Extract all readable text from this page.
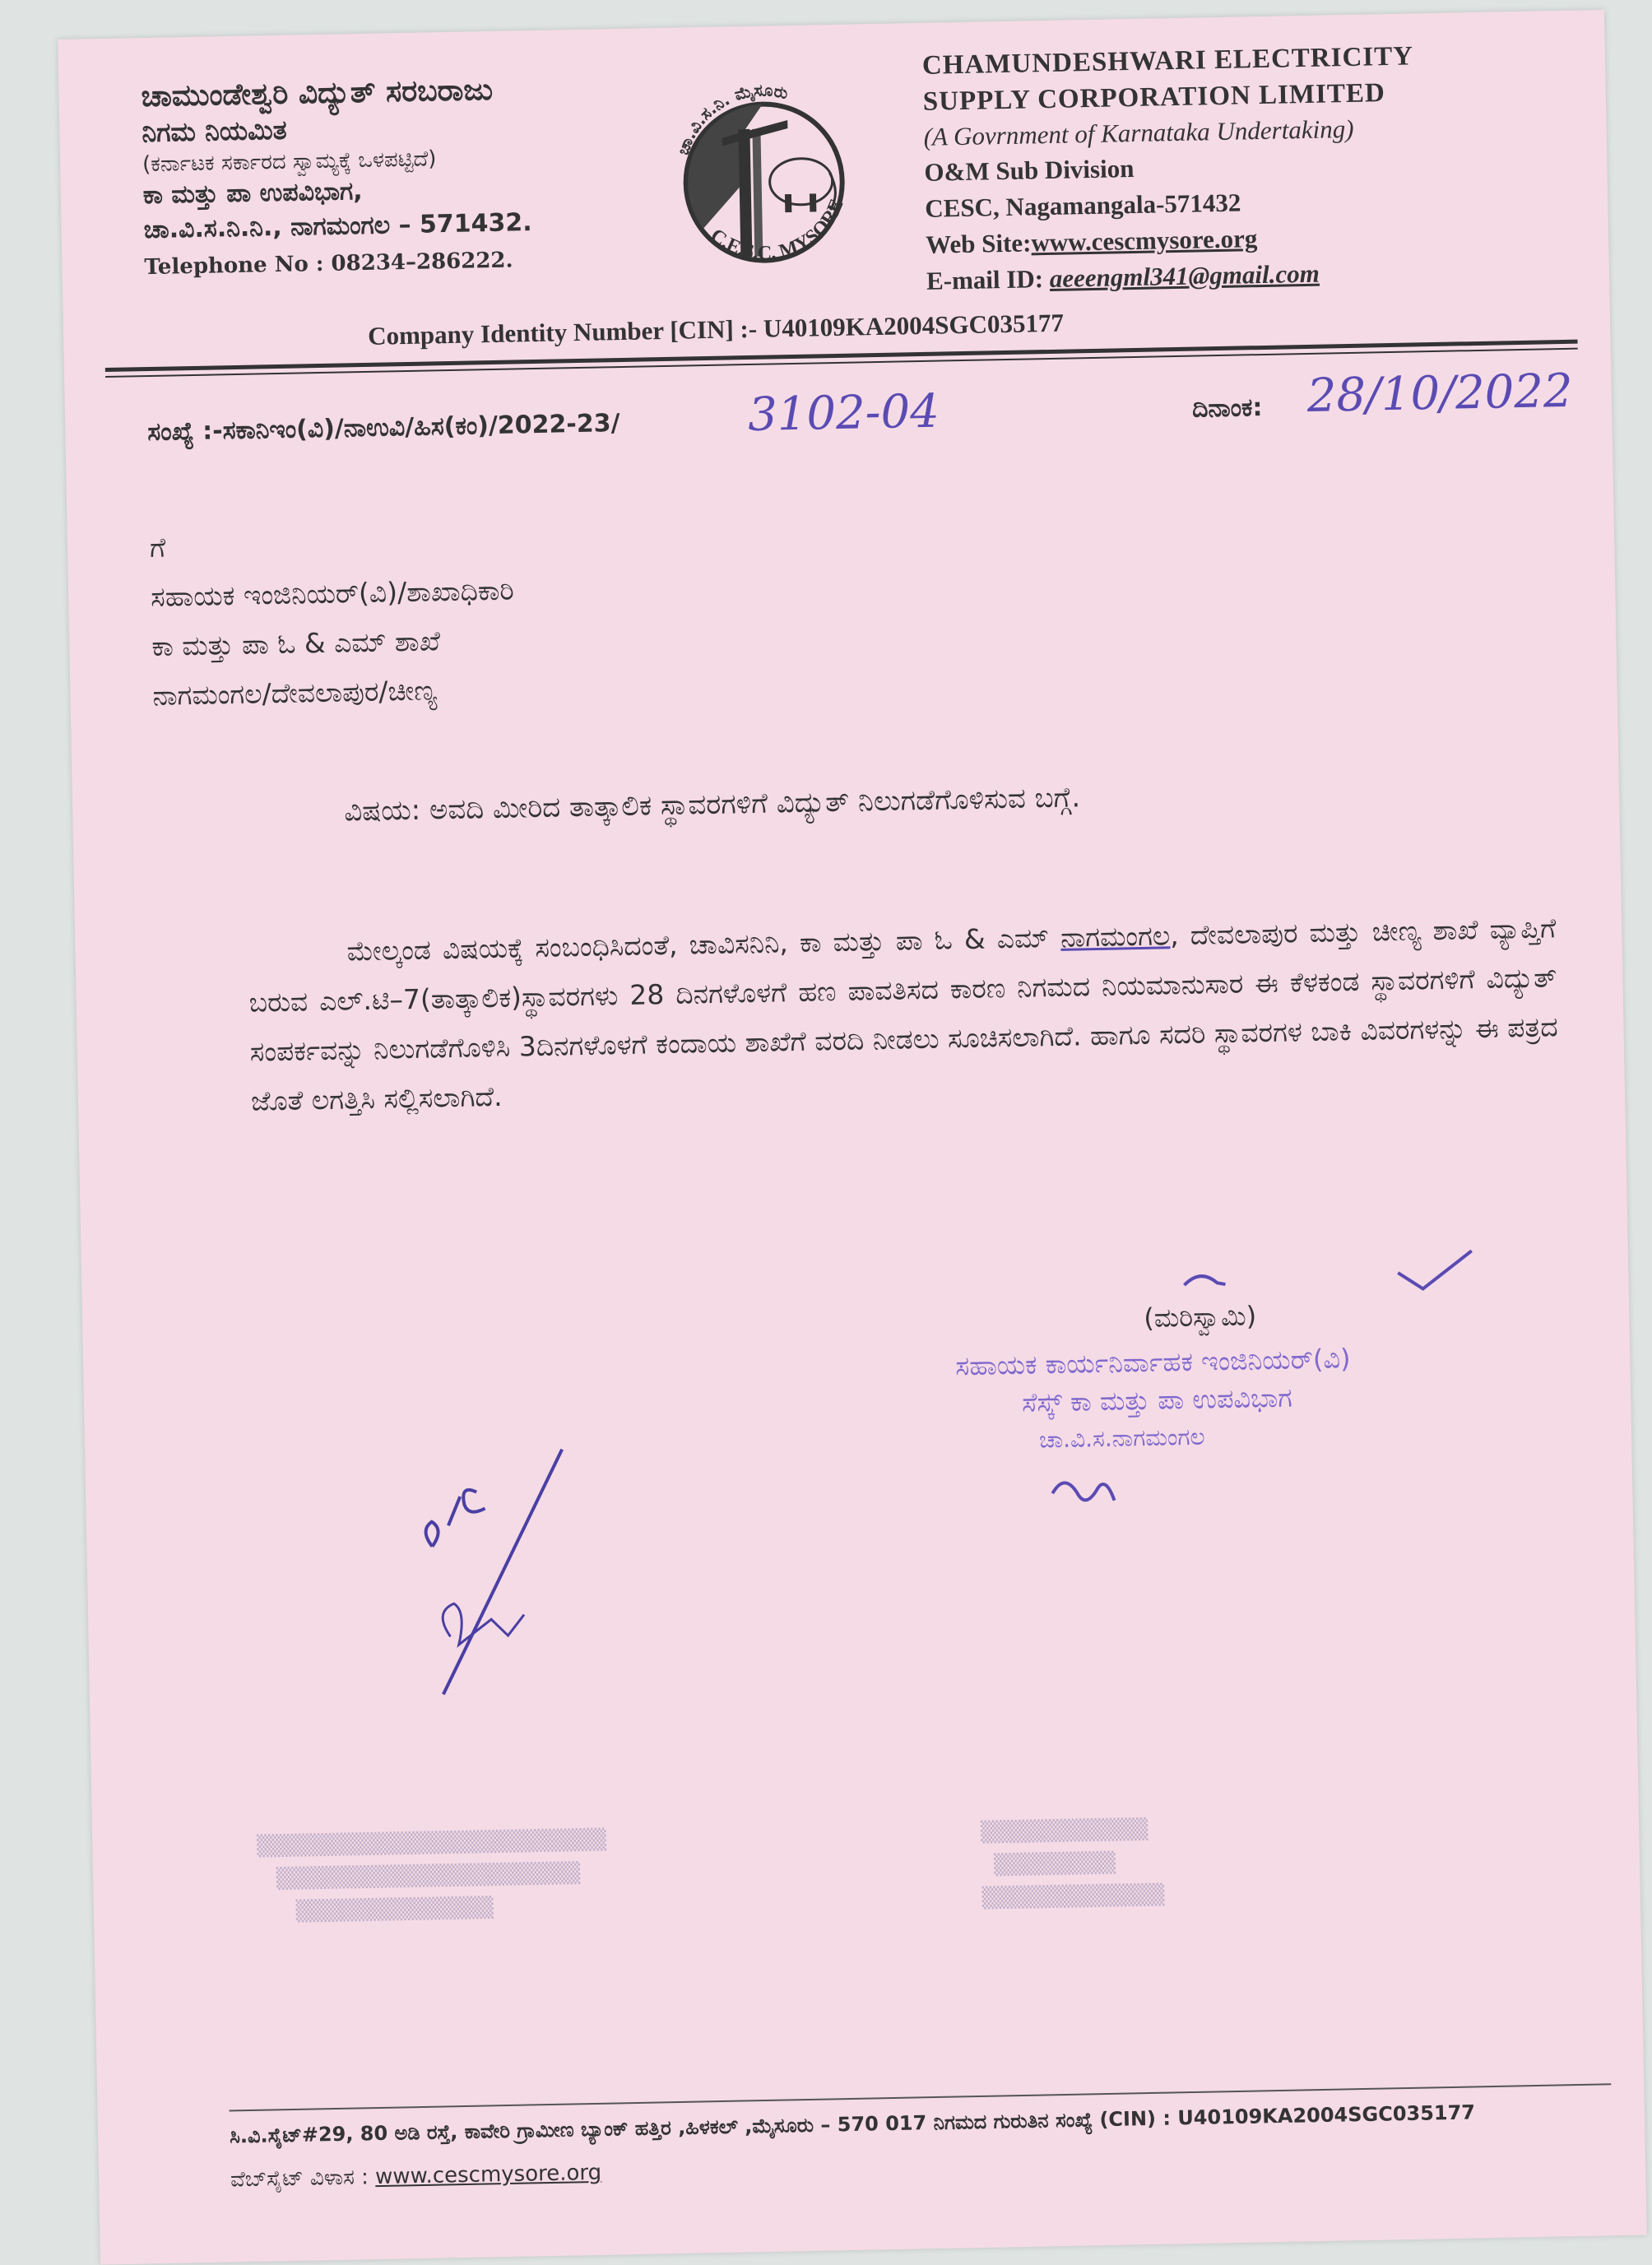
ಚಾಮುಂಡೇಶ್ವರಿ ವಿದ್ಯುತ್ ಸರಬರಾಜು
ನಿಗಮ ನಿಯಮಿತ
(ಕರ್ನಾಟಕ ಸರ್ಕಾರದ ಸ್ವಾಮ್ಯಕ್ಕೆ ಒಳಪಟ್ಟಿದೆ)
ಕಾ ಮತ್ತು ಪಾ ಉಪವಿಭಾಗ,
ಚಾ.ವಿ.ಸ.ನಿ.ನಿ., ನಾಗಮಂಗಲ – 571432.
Telephone No : 08234–286222.
ಚಾ.ವಿ.ಸ.ನಿ. ಮೈಸೂರು
C.E.S.C, MYSORE
CHAMUNDESHWARI ELECTRICITY
SUPPLY CORPORATION LIMITED
(A Govrnment of Karnataka Undertaking)
O&M Sub Division
CESC, Nagamangala-571432
Web Site:www.cescmysore.org
E-mail ID: aeeengml341@gmail.com
Company Identity Number [CIN] :- U40109KA2004SGC035177
ಸಂಖ್ಯೆ :-ಸಕಾನಿಇಂ(ವಿ)/ನಾಉವಿ/ಹಿಸ(ಕಂ)/2022-23/	3102-04	ದಿನಾಂಕ: 28/10/2022
ಗೆ
ಸಹಾಯಕ ಇಂಜಿನಿಯರ್(ವಿ)/ಶಾಖಾಧಿಕಾರಿ
ಕಾ ಮತ್ತು ಪಾ ಓ & ಎಮ್ ಶಾಖೆ
ನಾಗಮಂಗಲ/ದೇವಲಾಪುರ/ಚೀಣ್ಯ
ವಿಷಯ: ಅವದಿ ಮೀರಿದ ತಾತ್ಕಾಲಿಕ ಸ್ಥಾವರಗಳಿಗೆ ವಿದ್ಯುತ್ ನಿಲುಗಡೆಗೊಳಿಸುವ ಬಗ್ಗೆ.
ಮೇಲ್ಕಂಡ ವಿಷಯಕ್ಕೆ ಸಂಬಂಧಿಸಿದಂತೆ, ಚಾವಿಸನಿನಿ, ಕಾ ಮತ್ತು ಪಾ ಓ & ಎಮ್ ನಾಗಮಂಗಲ, ದೇವಲಾಪುರ ಮತ್ತು ಚೀಣ್ಯ ಶಾಖೆ ವ್ಯಾಪ್ತಿಗೆ ಬರುವ ಎಲ್.ಟಿ–7(ತಾತ್ಕಾಲಿಕ)ಸ್ಥಾವರಗಳು 28 ದಿನಗಳೊಳಗೆ ಹಣ ಪಾವತಿಸದ ಕಾರಣ ನಿಗಮದ ನಿಯಮಾನುಸಾರ ಈ ಕೆಳಕಂಡ ಸ್ಥಾವರಗಳಿಗೆ ವಿದ್ಯುತ್ ಸಂಪರ್ಕವನ್ನು ನಿಲುಗಡೆಗೊಳಿಸಿ 3ದಿನಗಳೊಳಗೆ ಕಂದಾಯ ಶಾಖೆಗೆ ವರದಿ ನೀಡಲು ಸೂಚಿಸಲಾಗಿದೆ. ಹಾಗೂ ಸದರಿ ಸ್ಥಾವರಗಳ ಬಾಕಿ ವಿವರಗಳನ್ನು ಈ ಪತ್ರದ ಜೊತೆ ಲಗತ್ತಿಸಿ ಸಲ್ಲಿಸಲಾಗಿದೆ.
(ಮರಿಸ್ವಾಮಿ)
ಸಹಾಯಕ ಕಾರ್ಯನಿರ್ವಾಹಕ ಇಂಜಿನಿಯರ್(ವಿ)
ಸೆಸ್ಕ್ ಕಾ ಮತ್ತು ಪಾ ಉಪವಿಭಾಗ
ಚಾ.ವಿ.ಸ.ನಾಗಮಂಗಲ
▒▒▒▒▒▒▒▒▒▒▒▒▒▒▒▒▒▒▒▒▒▒▒
▒▒▒▒▒▒▒▒▒▒▒▒▒▒▒▒▒▒▒▒
▒▒▒▒▒▒▒▒▒▒▒▒▒
▒▒▒▒▒▒▒▒▒▒▒
▒▒▒▒▒▒▒▒
▒▒▒▒▒▒▒▒▒▒▒▒
ಸಿ.ವಿ.ಸೈಟ್#29, 80 ಅಡಿ ರಸ್ತೆ, ಕಾವೇರಿ ಗ್ರಾಮೀಣ ಬ್ಯಾಂಕ್ ಹತ್ತಿರ ,ಹಿಳಕಲ್ ,ಮೈಸೂರು – 570 017 ನಿಗಮದ ಗುರುತಿನ ಸಂಖ್ಯೆ (CIN) : U40109KA2004SGC035177
ವೆಬ್‌ಸೈಟ್ ವಿಳಾಸ : www.cescmysore.org
